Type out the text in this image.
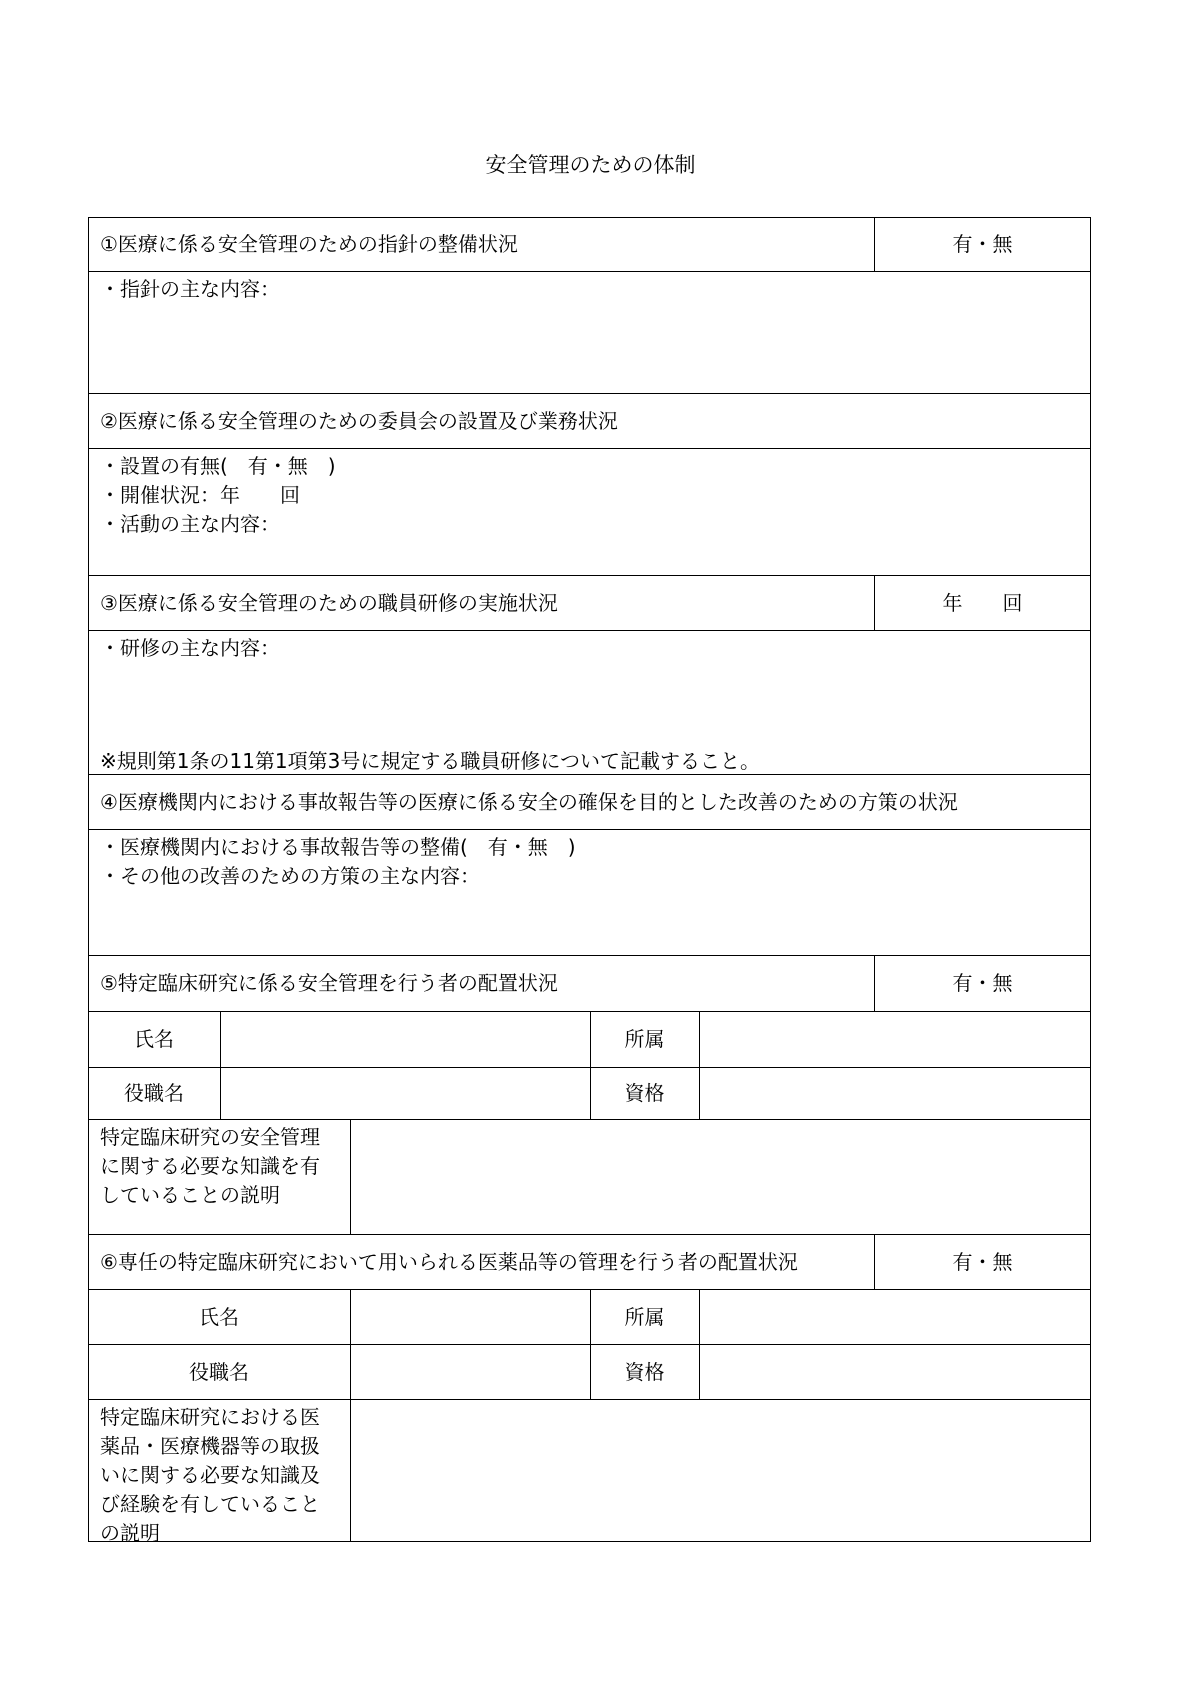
安全管理のための体制
①医療に係る安全管理のための指針の整備状況	有・無
・指針の主な内容：
②医療に係る安全管理のための委員会の設置及び業務状況
・設置の有無(　有・無　)
・開催状況：年　　回
・活動の主な内容：
③医療に係る安全管理のための職員研修の実施状況	年　　回
・研修の主な内容：
※規則第1条の11第1項第3号に規定する職員研修について記載すること。
④医療機関内における事故報告等の医療に係る安全の確保を目的とした改善のための方策の状況
・医療機関内における事故報告等の整備(　有・無　)
・その他の改善のための方策の主な内容：
⑤特定臨床研究に係る安全管理を行う者の配置状況	有・無
氏名	所属
役職名	資格
特定臨床研究の安全管理
に関する必要な知識を有
していることの説明
⑥専任の特定臨床研究において用いられる医薬品等の管理を行う者の配置状況	有・無
氏名	所属
役職名	資格
特定臨床研究における医
薬品・医療機器等の取扱
いに関する必要な知識及
び経験を有していること
の説明
